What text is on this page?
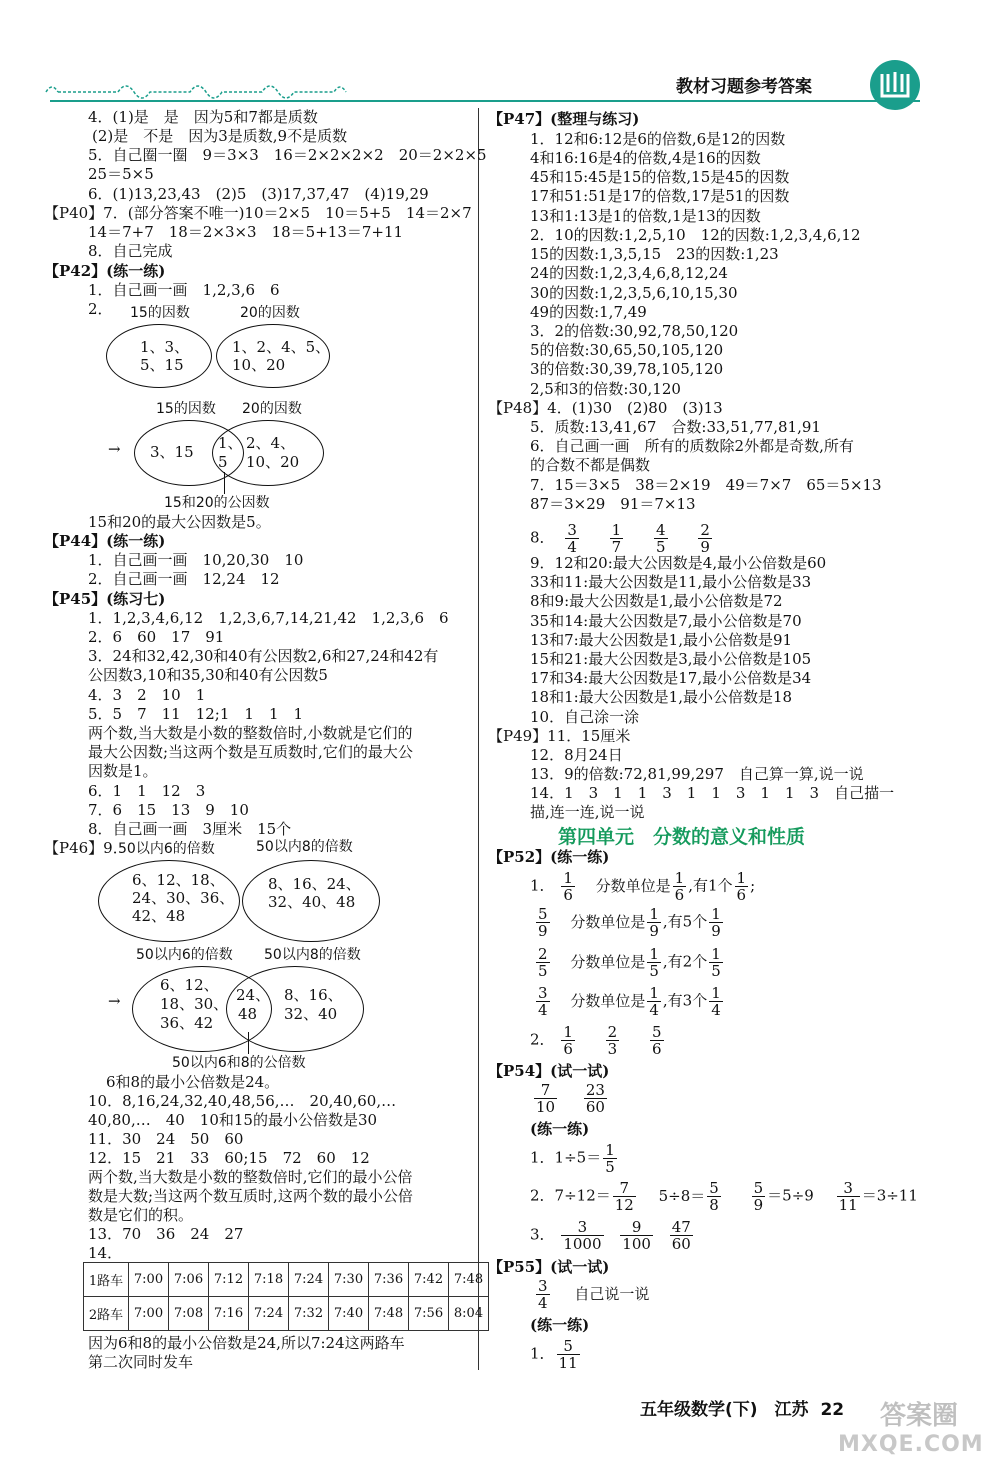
教材习题参考答案
4．(1)是　是　因为5和7都是质数
(2)是　不是　因为3是质数,9不是质数
5．自己圈一圈　9＝3×3　16＝2×2×2×2　20＝2×2×5
25＝5×5
6．(1)13,23,43　(2)5　(3)17,37,47　(4)19,29
【P40】7．(部分答案不唯一)10＝2×5　10＝5+5　14＝2×7
14＝7+7　18＝2×3×3　18＝5+13＝7+11
8．自己完成
【P42】(练一练)
1．自己画一画　1,2,3,6　6
2． 15的因数	20的因数
1、3、
5、15
1、2、4、5、
10、20
15的因数 20的因数
→ 3、15 1、
5
2、4、
10、20
15和20的公因数
15和20的最大公因数是5。
【P44】(练一练)
1．自己画一画　10,20,30　10
2．自己画一画　12,24　12
【P45】(练习七)
1．1,2,3,4,6,12　1,2,3,6,7,14,21,42　1,2,3,6　6
2．6　60　17　91
3．24和32,42,30和40有公因数2,6和27,24和42有
公因数3,10和35,30和40有公因数5
4．3　2　10　1
5．5　7　11　12;1　1　1　1
两个数,当大数是小数的整数倍时,小数就是它们的
最大公因数;当这两个数是互质数时,它们的最大公
因数是1。
6．1　1　12　3
7．6　15　13　9　10
8．自己画一画　3厘米　15个
【P46】9．
50以内6的倍数	50以内8的倍数
6、12、18、
24、30、36、
42、48
8、16、24、
32、40、48
50以内6的倍数 50以内8的倍数
→
6、12、
18、30、
36、42
24、
48
8、16、
32、40
50以内6和8的公倍数
6和8的最小公倍数是24。
10．8,16,24,32,40,48,56,…　20,40,60,…
40,80,…　40　10和15的最小公倍数是30
11．30　24　50　60
12．15　21　33　60;15　72　60　12
两个数,当大数是小数的整数倍时,它们的最小公倍
数是大数;当这两个数互质时,这两个数的最小公倍
数是它们的积。
13．70　36　24　27
14．
1路车	7:00	7:06	7:12	7:18	7:24	7:30	7:36	7:42	7:48
2路车	7:00	7:08	7:16	7:24	7:32	7:40	7:48	7:56	8:04
因为6和8的最小公倍数是24,所以7:24这两路车
第二次同时发车
【P47】(整理与练习)
1．12和6:12是6的倍数,6是12的因数
4和16:16是4的倍数,4是16的因数
45和15:45是15的倍数,15是45的因数
17和51:51是17的倍数,17是51的因数
13和1:13是1的倍数,1是13的因数
2．10的因数:1,2,5,10　12的因数:1,2,3,4,6,12
15的因数:1,3,5,15　23的因数:1,23
24的因数:1,2,3,4,6,8,12,24
30的因数:1,2,3,5,6,10,15,30
49的因数:1,7,49
3．2的倍数:30,92,78,50,120
5的倍数:30,65,50,105,120
3的倍数:30,39,78,105,120
2,5和3的倍数:30,120
【P48】4．(1)30　(2)80　(3)13
5．质数:13,41,67　合数:33,51,77,81,91
6．自己画一画　所有的质数除2外都是奇数,所有
的合数不都是偶数
7．15＝3×5　38＝2×19　49＝7×7　65＝5×13
87＝3×29　91＝7×13
8． $\frac{3}{4}$
$\frac{1}{7}$
$\frac{4}{5}$
$\frac{2}{9}$
9．12和20:最大公因数是4,最小公倍数是60
33和11:最大公因数是11,最小公倍数是33
8和9:最大公因数是1,最小公倍数是72
35和14:最大公因数是7,最小公倍数是70
13和7:最大公因数是1,最小公倍数是91
15和21:最大公因数是3,最小公倍数是105
17和34:最大公因数是17,最小公倍数是34
18和1:最大公因数是1,最小公倍数是18
10．自己涂一涂
【P49】11．15厘米
12．8月24日
13．9的倍数:72,81,99,297　自己算一算,说一说
14．1　3　1　1　3　1　1　3　1　1　3　自己描一
描,连一连,说一说
第四单元　分数的意义和性质
【P52】(练一练)
1． $\frac{1}{6}$ 分数单位是 $\frac{1}{6}$ ,有1个 $\frac{1}{6}$ ;
$\frac{5}{9}$ 分数单位是 $\frac{1}{9}$ ,有5个 $\frac{1}{9}$
$\frac{2}{5}$ 分数单位是 $\frac{1}{5}$ ,有2个 $\frac{1}{5}$
$\frac{3}{4}$ 分数单位是 $\frac{1}{4}$ ,有3个 $\frac{1}{4}$
2． $\frac{1}{6}$
$\frac{2}{3}$
$\frac{5}{6}$
【P54】(试一试)
$\frac{7}{10}$
$\frac{23}{60}$
(练一练)
1．$1\div 5= \frac{1}{5}$
2．$7\div 12= \frac{7}{12} 5\div 8= \frac{5}{8}$
$\frac{5}{9} =5\div 9 \frac{3}{11} =3\div 11$
3． $\frac{3}{1000}$
$\frac{9}{100}$
$\frac{47}{60}$
【P55】(试一试)
$\frac{3}{4}$ 自己说一说
(练一练)
1． $\frac{5}{11}$
五年级数学(下)　江苏 22 答案圈
MXQE.COM
